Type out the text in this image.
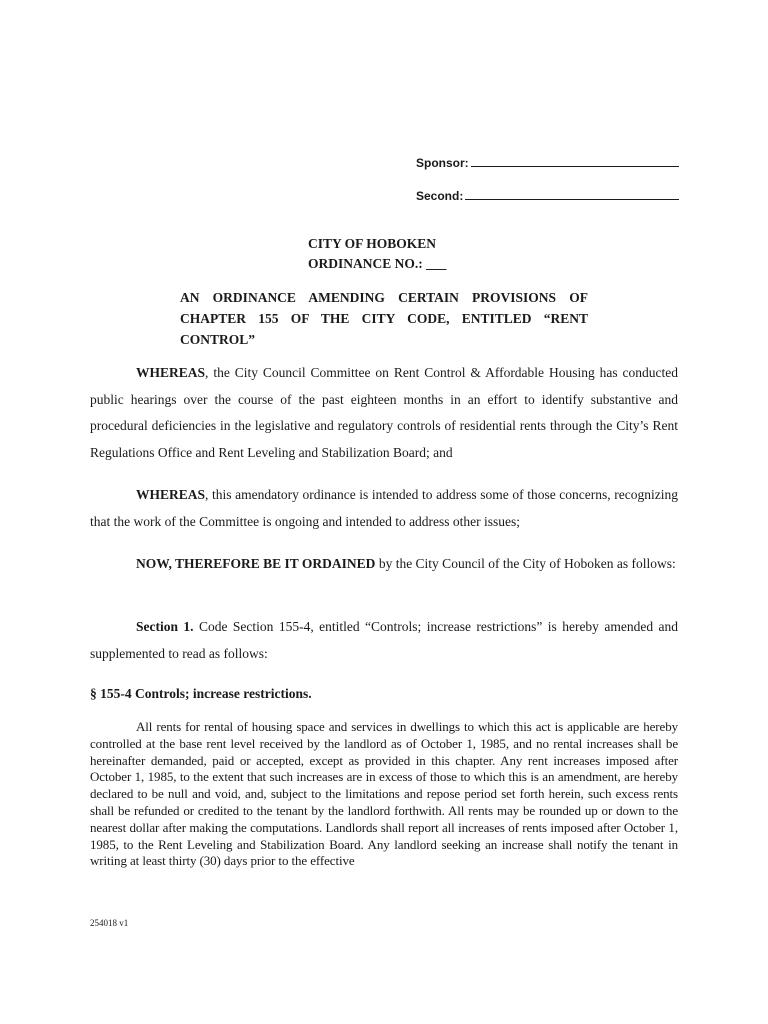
Sponsor:
Second:
CITY OF HOBOKEN
ORDINANCE NO.: ___
AN ORDINANCE AMENDING CERTAIN PROVISIONS OF CHAPTER 155 OF THE CITY CODE, ENTITLED “RENT CONTROL”
WHEREAS, the City Council Committee on Rent Control & Affordable Housing has conducted public hearings over the course of the past eighteen months in an effort to identify substantive and procedural deficiencies in the legislative and regulatory controls of residential rents through the City’s Rent Regulations Office and Rent Leveling and Stabilization Board; and
WHEREAS, this amendatory ordinance is intended to address some of those concerns, recognizing that the work of the Committee is ongoing and intended to address other issues;
NOW, THEREFORE BE IT ORDAINED by the City Council of the City of Hoboken as follows:
Section 1. Code Section 155-4, entitled “Controls; increase restrictions” is hereby amended and supplemented to read as follows:
§ 155-4 Controls; increase restrictions.
All rents for rental of housing space and services in dwellings to which this act is applicable are hereby controlled at the base rent level received by the landlord as of October 1, 1985, and no rental increases shall be hereinafter demanded, paid or accepted, except as provided in this chapter. Any rent increases imposed after October 1, 1985, to the extent that such increases are in excess of those to which this is an amendment, are hereby declared to be null and void, and, subject to the limitations and repose period set forth herein, such excess rents shall be refunded or credited to the tenant by the landlord forthwith. All rents may be rounded up or down to the nearest dollar after making the computations. Landlords shall report all increases of rents imposed after October 1, 1985, to the Rent Leveling and Stabilization Board. Any landlord seeking an increase shall notify the tenant in writing at least thirty (30) days prior to the effective
254018 v1
